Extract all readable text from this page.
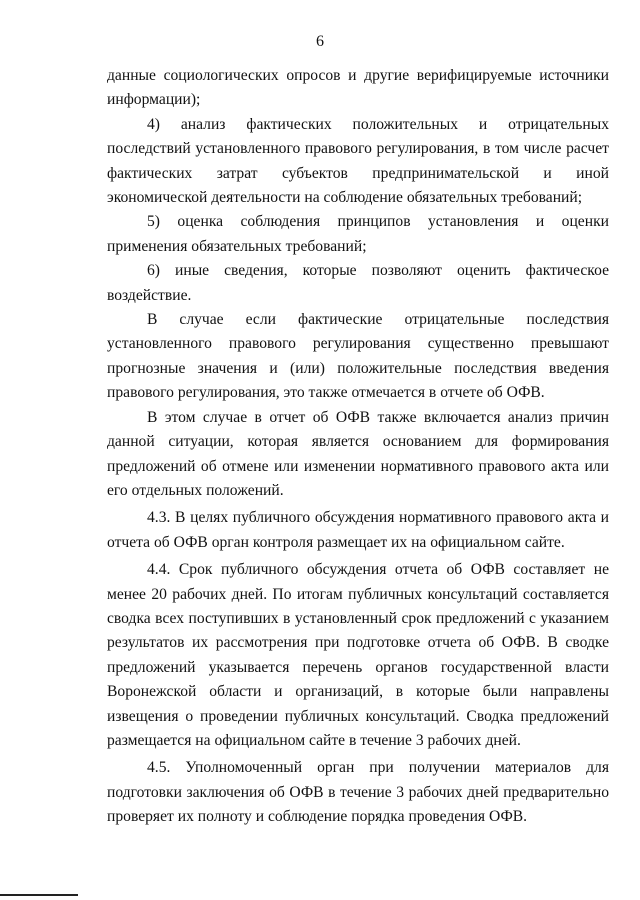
6

данные социологических опросов и другие верифицируемые источники информации);

4) анализ фактических положительных и отрицательных последствий установленного правового регулирования, в том числе расчет фактических затрат субъектов предпринимательской и иной экономической деятельности на соблюдение обязательных требований;

5) оценка соблюдения принципов установления и оценки применения обязательных требований;

6) иные сведения, которые позволяют оценить фактическое воздействие.

В случае если фактические отрицательные последствия установленного правового регулирования существенно превышают прогнозные значения и (или) положительные последствия введения правового регулирования, это также отмечается в отчете об ОФВ.

В этом случае в отчет об ОФВ также включается анализ причин данной ситуации, которая является основанием для формирования предложений об отмене или изменении нормативного правового акта или его отдельных положений.

4.3. В целях публичного обсуждения нормативного правового акта и отчета об ОФВ орган контроля размещает их на официальном сайте.

4.4. Срок публичного обсуждения отчета об ОФВ составляет не менее 20 рабочих дней. По итогам публичных консультаций составляется сводка всех поступивших в установленный срок предложений с указанием результатов их рассмотрения при подготовке отчета об ОФВ. В сводке предложений указывается перечень органов государственной власти Воронежской области и организаций, в которые были направлены извещения о проведении публичных консультаций. Сводка предложений размещается на официальном сайте в течение 3 рабочих дней.

4.5. Уполномоченный орган при получении материалов для подготовки заключения об ОФВ в течение 3 рабочих дней предварительно проверяет их полноту и соблюдение порядка проведения ОФВ.
